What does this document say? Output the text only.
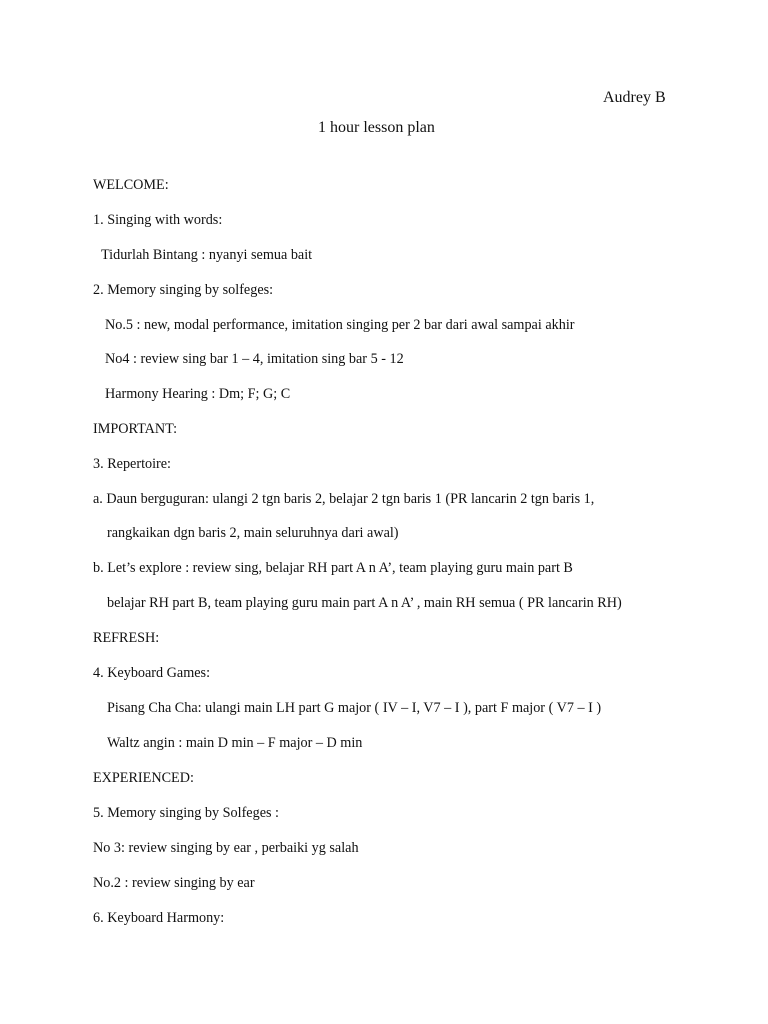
Audrey B
1 hour lesson plan
WELCOME:
1. Singing with words:
Tidurlah Bintang : nyanyi semua bait
2. Memory singing by solfeges:
No.5 : new, modal performance, imitation singing per 2 bar dari awal sampai akhir
No4 : review sing bar 1 – 4, imitation sing bar 5 - 12
Harmony Hearing : Dm; F; G; C
IMPORTANT:
3. Repertoire:
a. Daun berguguran: ulangi 2 tgn baris 2, belajar 2 tgn baris 1 (PR lancarin 2 tgn baris 1,
rangkaikan dgn baris 2, main seluruhnya dari awal)
b. Let’s explore : review sing, belajar RH part A n A’, team playing guru main part B
belajar RH part B, team playing guru main part A n A’ , main RH semua ( PR lancarin RH)
REFRESH:
4. Keyboard Games:
Pisang Cha Cha: ulangi main LH part G major ( IV – I, V7 – I ), part F major ( V7 – I )
Waltz angin : main D min – F major – D min
EXPERIENCED:
5. Memory singing by Solfeges :
No 3: review singing by ear , perbaiki yg salah
No.2 : review singing by ear
6. Keyboard Harmony:
